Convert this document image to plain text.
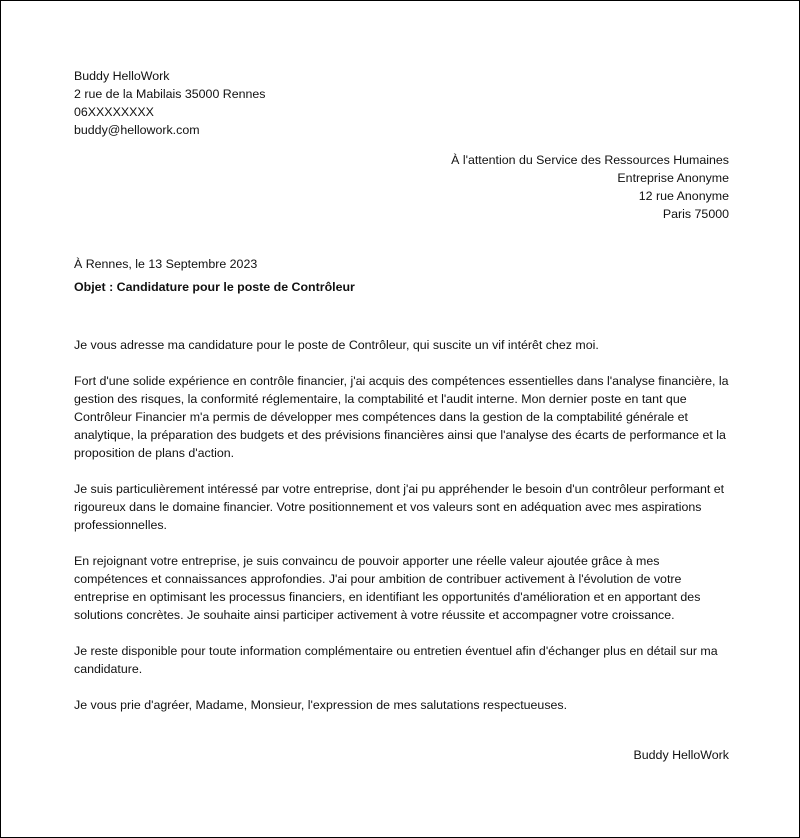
Buddy HelloWork
2 rue de la Mabilais 35000 Rennes
06XXXXXXXX
buddy@hellowork.com
À l'attention du Service des Ressources Humaines
Entreprise Anonyme
12 rue Anonyme
Paris 75000
À Rennes, le 13 Septembre 2023
Objet : Candidature pour le poste de Contrôleur

Je vous adresse ma candidature pour le poste de Contrôleur, qui suscite un vif intérêt chez moi.

Fort d'une solide expérience en contrôle financier, j'ai acquis des compétences essentielles dans l'analyse financière, la gestion des risques, la conformité réglementaire, la comptabilité et l'audit interne. Mon dernier poste en tant que Contrôleur Financier m'a permis de développer mes compétences dans la gestion de la comptabilité générale et analytique, la préparation des budgets et des prévisions financières ainsi que l'analyse des écarts de performance et la proposition de plans d'action.

Je suis particulièrement intéressé par votre entreprise, dont j'ai pu appréhender le besoin d'un contrôleur performant et rigoureux dans le domaine financier. Votre positionnement et vos valeurs sont en adéquation avec mes aspirations professionnelles.

En rejoignant votre entreprise, je suis convaincu de pouvoir apporter une réelle valeur ajoutée grâce à mes compétences et connaissances approfondies. J'ai pour ambition de contribuer activement à l'évolution de votre entreprise en optimisant les processus financiers, en identifiant les opportunités d'amélioration et en apportant des solutions concrètes. Je souhaite ainsi participer activement à votre réussite et accompagner votre croissance.

Je reste disponible pour toute information complémentaire ou entretien éventuel afin d'échanger plus en détail sur ma candidature.

Je vous prie d'agréer, Madame, Monsieur, l'expression de mes salutations respectueuses.

Buddy HelloWork
